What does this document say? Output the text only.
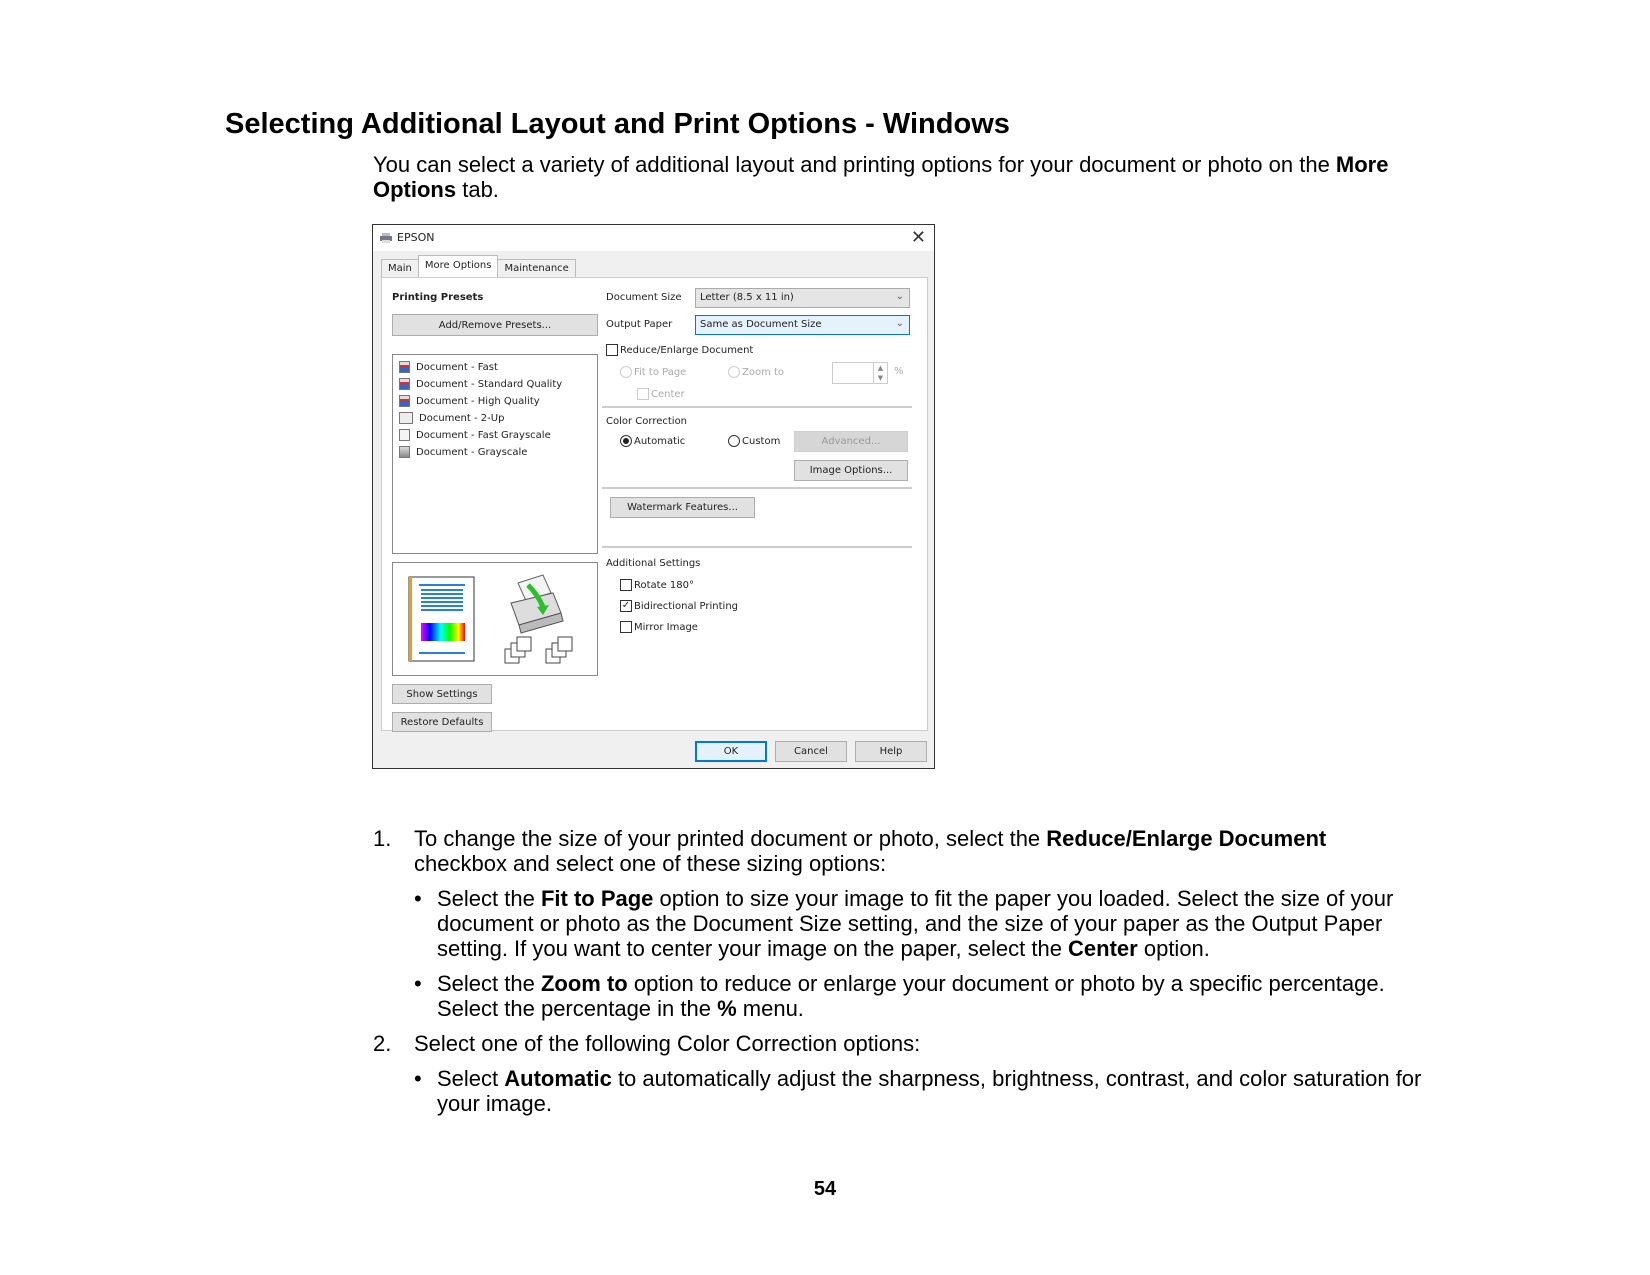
Selecting Additional Layout and Print Options - Windows
You can select a variety of additional layout and printing options for your document or photo on the More Options tab.
EPSON	✕
Main	More Options	Maintenance
Printing Presets
Add/Remove Presets...
Document - Fast
Document - Standard Quality
Document - High Quality
Document - 2-Up
Document - Fast Grayscale
Document - Grayscale
Show Settings
Restore Defaults
Document Size	Letter (8.5 x 11 in)	⌄
Output Paper	Same as Document Size	⌄
Reduce/Enlarge Document
Fit to Page	Zoom to	▲
▼
%
Center
Color Correction
Automatic	Custom	Advanced...
Image Options...
Watermark Features...
Additional Settings
Rotate 180°
✓ Bidirectional Printing
Mirror Image
OK	Cancel	Help
1. To change the size of your printed document or photo, select the Reduce/Enlarge Document checkbox and select one of these sizing options:
• Select the Fit to Page option to size your image to fit the paper you loaded. Select the size of your document or photo as the Document Size setting, and the size of your paper as the Output Paper setting. If you want to center your image on the paper, select the Center option.
• Select the Zoom to option to reduce or enlarge your document or photo by a specific percentage. Select the percentage in the % menu.
2. Select one of the following Color Correction options:
• Select Automatic to automatically adjust the sharpness, brightness, contrast, and color saturation for your image.
54
